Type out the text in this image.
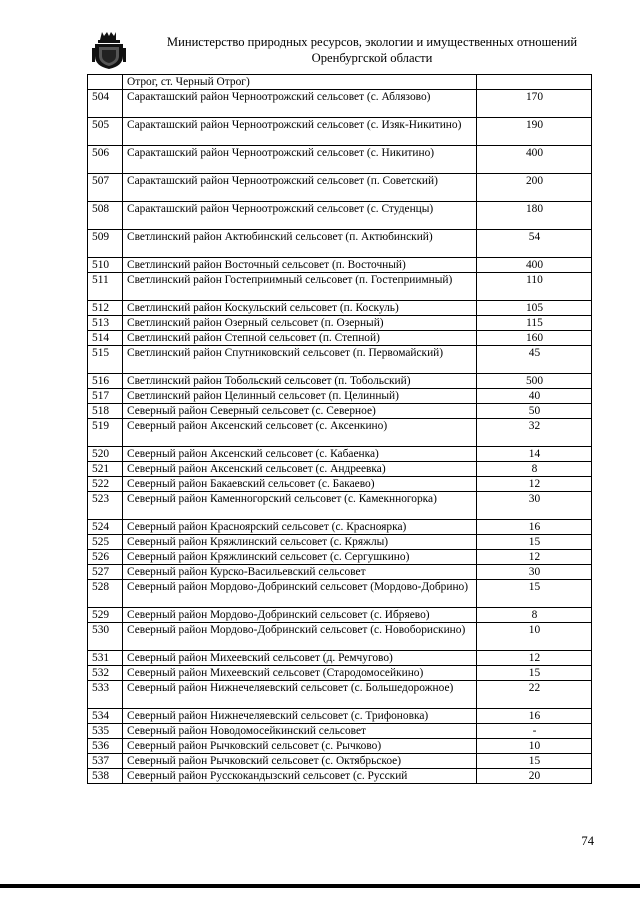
Министерство природных ресурсов, экологии и имущественных отношений
Оренбургской области
	Отрог, ст. Черный Отрог)	
504	Саракташский район Черноотрожский сельсовет (с. Аблязово)	170
505	Саракташский район Черноотрожский сельсовет (с. Изяк-Никитино)	190
506	Саракташский район Черноотрожский сельсовет (с. Никитино)	400
507	Саракташский район Черноотрожский сельсовет (п. Советский)	200
508	Саракташский район Черноотрожский сельсовет (с. Студенцы)	180
509	Светлинский район Актюбинский сельсовет (п. Актюбинский)	54
510	Светлинский район Восточный сельсовет (п. Восточный)	400
511	Светлинский район Гостеприимный сельсовет (п. Гостеприимный)	110
512	Светлинский район Коскульский сельсовет (п. Коскуль)	105
513	Светлинский район Озерный сельсовет (п. Озерный)	115
514	Светлинский район Степной сельсовет (п. Степной)	160
515	Светлинский район Спутниковский сельсовет (п. Первомайский)	45
516	Светлинский район Тобольский сельсовет (п. Тобольский)	500
517	Светлинский район Целинный сельсовет (п. Целинный)	40
518	Северный район Северный сельсовет (с. Северное)	50
519	Северный район Аксенский сельсовет (с. Аксенкино)	32
520	Северный район Аксенский сельсовет (с. Кабаенка)	14
521	Северный район Аксенский сельсовет (с. Андреевка)	8
522	Северный район Бакаевский сельсовет (с. Бакаево)	12
523	Северный район Каменногорский сельсовет (с. Камекнногорка)	30
524	Северный район Красноярский сельсовет (с. Красноярка)	16
525	Северный район Кряжлинский сельсовет (с. Кряжлы)	15
526	Северный район Кряжлинский сельсовет (с. Сергушкино)	12
527	Северный район Курско-Васильевский сельсовет	30
528	Северный район Мордово-Добринский сельсовет (Мордово-Добрино)	15
529	Северный район Мордово-Добринский сельсовет (с. Ибряево)	8
530	Северный район Мордово-Добринский сельсовет (с. Новоборискино)	10
531	Северный район Михеевский сельсовет (д. Ремчугово)	12
532	Северный район Михеевский сельсовет (Стародомосейкино)	15
533	Северный район Нижнечеляевский сельсовет (с. Большедорожное)	22
534	Северный район Нижнечеляевский сельсовет (с. Трифоновка)	16
535	Северный район Новодомосейкинский сельсовет	-
536	Северный район Рычковский сельсовет (с. Рычково)	10
537	Северный район Рычковский сельсовет (с. Октябрьское)	15
538	Северный район Русскокандызский сельсовет (с. Русский	20
74
